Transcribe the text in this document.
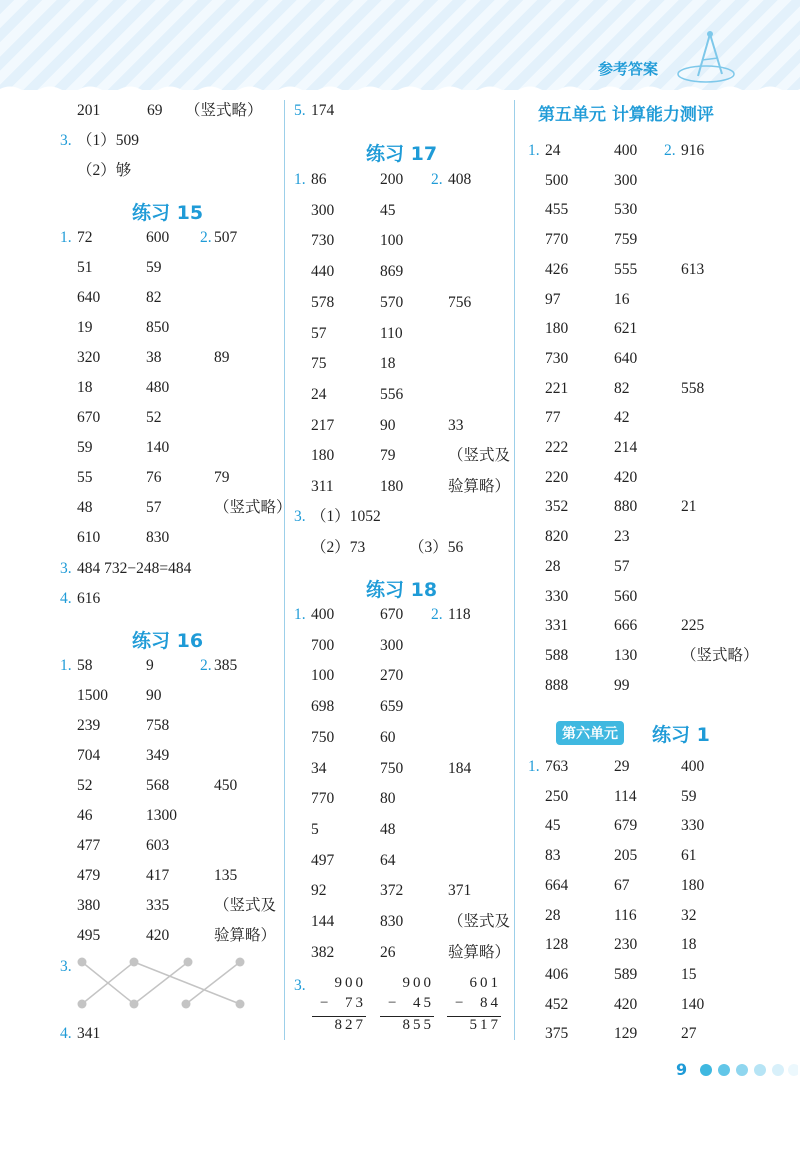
参考答案
201	69 （竖式略）
3. （1）509
（2）够
练习 15
1. 72	600 2. 507
51	59
640	82
19	850
320	38	89
18	480
670	52
59	140
55	76	79
48	57	（竖式略）
610	830
3. 484 732−248=484
4. 616
练习 16
1. 58	9	2. 385
1500 90
239	758
704	349
52	568	450
46	1300
477	603
479	417	135
380	335	（竖式及
495	420	验算略）
3.
4. 341
5. 174
练习 17
1. 86	200 2. 408
300	45
730	100
440	869
578	570	756
57	110
75	18
24	556
217	90	33
180	79	（竖式及
311	180	验算略）
3. （1）1052
（2）73	（3）56
练习 18
1. 400	670 2. 118
700	300
100	270
698	659
750	60
34	750	184
770	80
5	48
497	64
92	372	371
144	830	（竖式及
382	26	验算略）
3. 900
−  73
827
900
−  45
855
601
−  84
517
第五单元 计算能力测评
1. 24	400 2. 916
500	300
455	530
770	759
426	555	613
97	16
180	621
730	640
221	82	558
77	42
222	214
220	420
352	880	21
820	23
28	57
330	560
331	666	225
588	130	（竖式略）
888	99
第六单元	练习 1
1. 763	29	400
250	114	59
45	679	330
83	205	61
664	67	180
28	116	32
128	230	18
406	589	15
452	420	140
375	129	27
9
